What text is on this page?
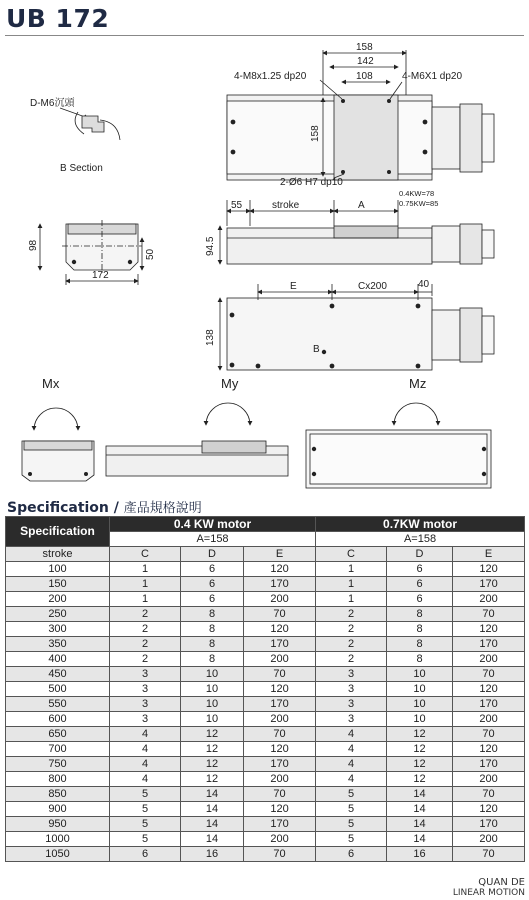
UB 172
D-M6沉頭
B Section
158
142
108
4-M8x1.25 dp20	4-M6X1 dp20
158
2-Ø6 H7 dp10
98
172
50
55	stroke	A
0.4KW=78
0.75KW=85
94.5
E	Cx200	40
138
B
Mx	My	Mz
Specification / 產品規格說明
Specification	0.4 KW motor			0.7KW motor		
	A=158			A=158		
stroke	C	D	E	C	D	E
100	1	6	120	1	6	120
150	1	6	170	1	6	170
200	1	6	200	1	6	200
250	2	8	70	2	8	70
300	2	8	120	2	8	120
350	2	8	170	2	8	170
400	2	8	200	2	8	200
450	3	10	70	3	10	70
500	3	10	120	3	10	120
550	3	10	170	3	10	170
600	3	10	200	3	10	200
650	4	12	70	4	12	70
700	4	12	120	4	12	120
750	4	12	170	4	12	170
800	4	12	200	4	12	200
850	5	14	70	5	14	70
900	5	14	120	5	14	120
950	5	14	170	5	14	170
1000	5	14	200	5	14	200
1050	6	16	70	6	16	70
QUAN DE
LINEAR MOTION
